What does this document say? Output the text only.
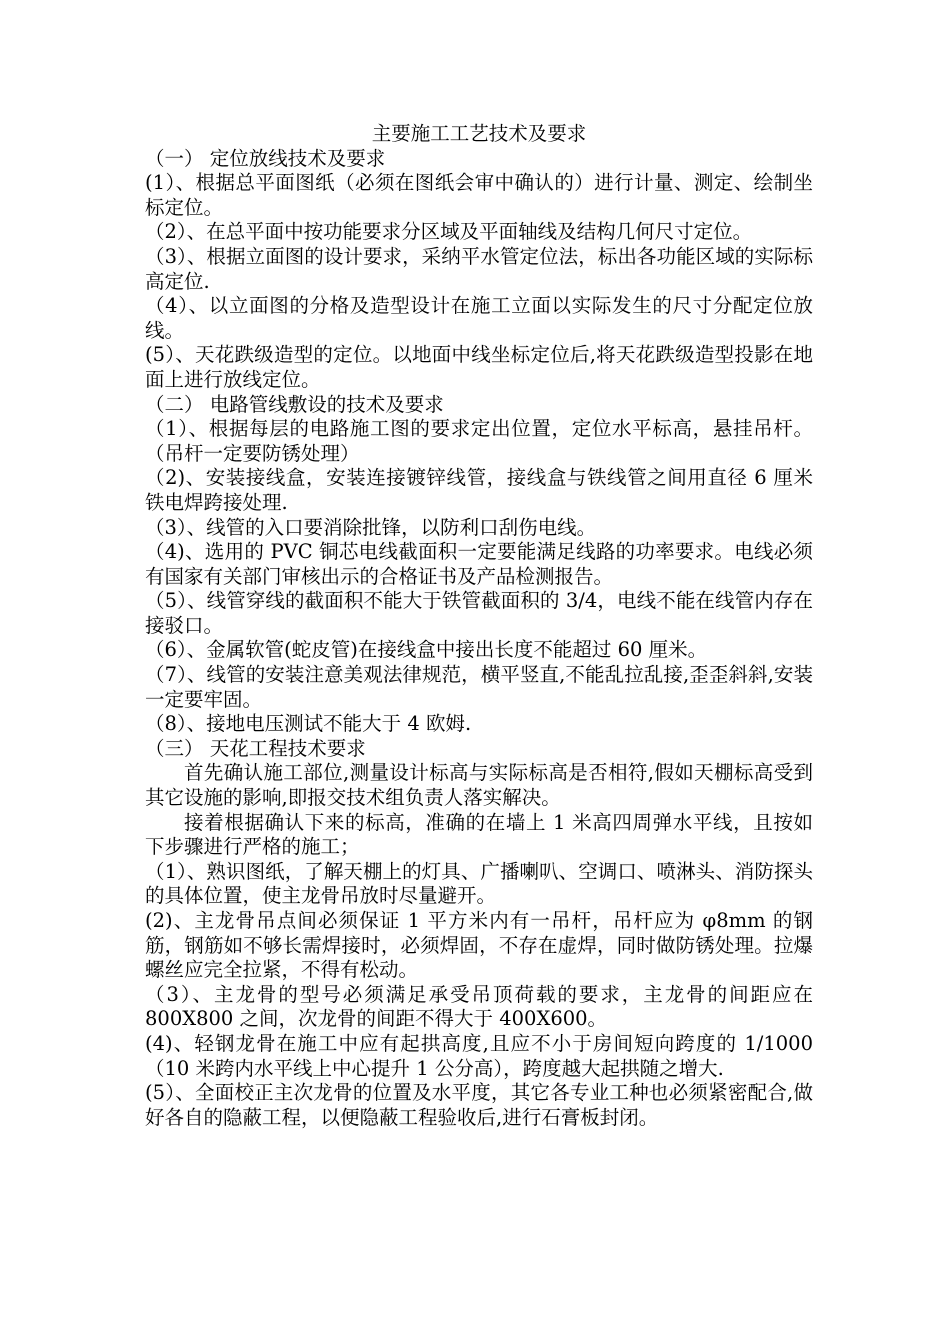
主要施工工艺技术及要求

（一） 定位放线技术及要求

(1）、根据总平面图纸（必须在图纸会审中确认的）进行计量、测定、绘制坐标定位。

（2）、在总平面中按功能要求分区域及平面轴线及结构几何尺寸定位。

（3）、根据立面图的设计要求，采纳平水管定位法，标出各功能区域的实际标高定位.

（4）、以立面图的分格及造型设计在施工立面以实际发生的尺寸分配定位放线。

(5）、天花跌级造型的定位。以地面中线坐标定位后,将天花跌级造型投影在地面上进行放线定位。

（二） 电路管线敷设的技术及要求

（1）、根据每层的电路施工图的要求定出位置，定位水平标高，悬挂吊杆。（吊杆一定要防锈处理）

（2)、安装接线盒，安装连接镀锌线管，接线盒与铁线管之间用直径 6 厘米铁电焊跨接处理.

（3）、线管的入口要消除批锋，以防利口刮伤电线。

（4)、选用的 PVC 铜芯电线截面积一定要能满足线路的功率要求。电线必须有国家有关部门审核出示的合格证书及产品检测报告。

（5）、线管穿线的截面积不能大于铁管截面积的 3/4，电线不能在线管内存在接驳口。

（6）、金属软管(蛇皮管)在接线盒中接出长度不能超过 60 厘米。

（7）、线管的安装注意美观法律规范，横平竖直,不能乱拉乱接,歪歪斜斜,安装一定要牢固。

（8）、接地电压测试不能大于 4 欧姆.

（三） 天花工程技术要求

首先确认施工部位,测量设计标高与实际标高是否相符,假如天棚标高受到其它设施的影响,即报交技术组负责人落实解决。

接着根据确认下来的标高，准确的在墙上 1 米高四周弹水平线，且按如下步骤进行严格的施工；

（1）、熟识图纸，了解天棚上的灯具、广播喇叭、空调口、喷淋头、消防探头的具体位置，使主龙骨吊放时尽量避开。

(2)、主龙骨吊点间必须保证 1 平方米内有一吊杆，吊杆应为 φ8mm 的钢筋，钢筋如不够长需焊接时，必须焊固，不存在虚焊，同时做防锈处理。拉爆螺丝应完全拉紧，不得有松动。

（3）、主龙骨的型号必须满足承受吊顶荷载的要求，主龙骨的间距应在 800X800 之间，次龙骨的间距不得大于 400X600。

(4)、轻钢龙骨在施工中应有起拱高度,且应不小于房间短向跨度的 1/1000（10 米跨内水平线上中心提升 1 公分高），跨度越大起拱随之增大.

(5）、全面校正主次龙骨的位置及水平度，其它各专业工种也必须紧密配合,做好各自的隐蔽工程，以便隐蔽工程验收后,进行石膏板封闭。
